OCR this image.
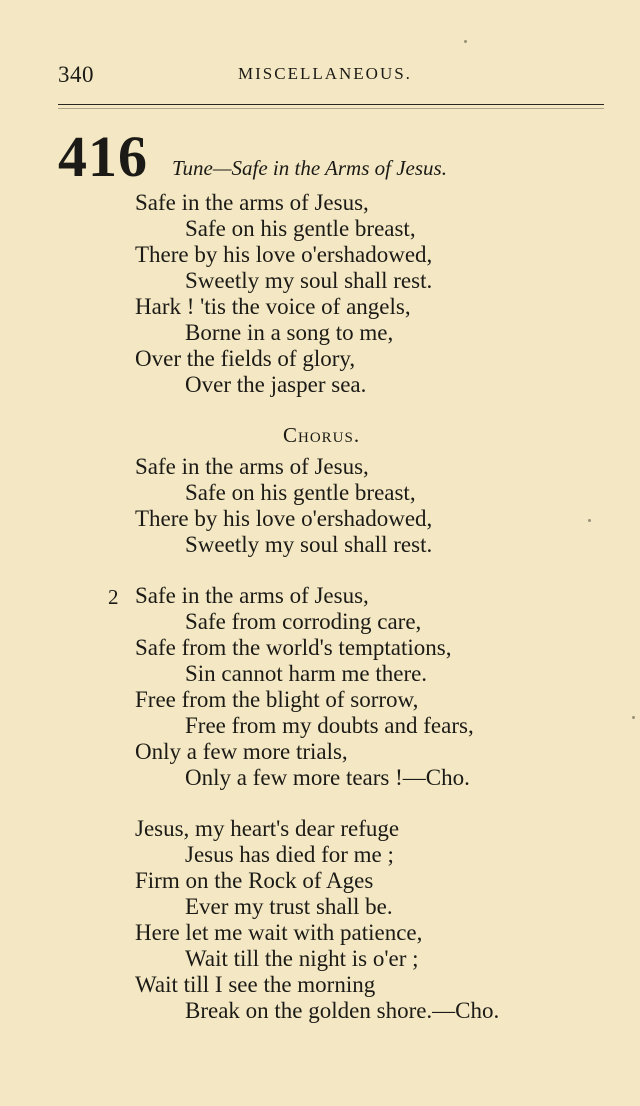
340	MISCELLANEOUS.
416 Tune—Safe in the Arms of Jesus.
Safe in the arms of Jesus,
Safe on his gentle breast,
There by his love o'ershadowed,
Sweetly my soul shall rest.
Hark ! 'tis the voice of angels,
Borne in a song to me,
Over the fields of glory,
Over the jasper sea.
Chorus.
Safe in the arms of Jesus,
Safe on his gentle breast,
There by his love o'ershadowed,
Sweetly my soul shall rest.
2 Safe in the arms of Jesus,
Safe from corroding care,
Safe from the world's temptations,
Sin cannot harm me there.
Free from the blight of sorrow,
Free from my doubts and fears,
Only a few more trials,
Only a few more tears !—Cho.
Jesus, my heart's dear refuge
Jesus has died for me ;
Firm on the Rock of Ages
Ever my trust shall be.
Here let me wait with patience,
Wait till the night is o'er ;
Wait till I see the morning
Break on the golden shore.—Cho.
